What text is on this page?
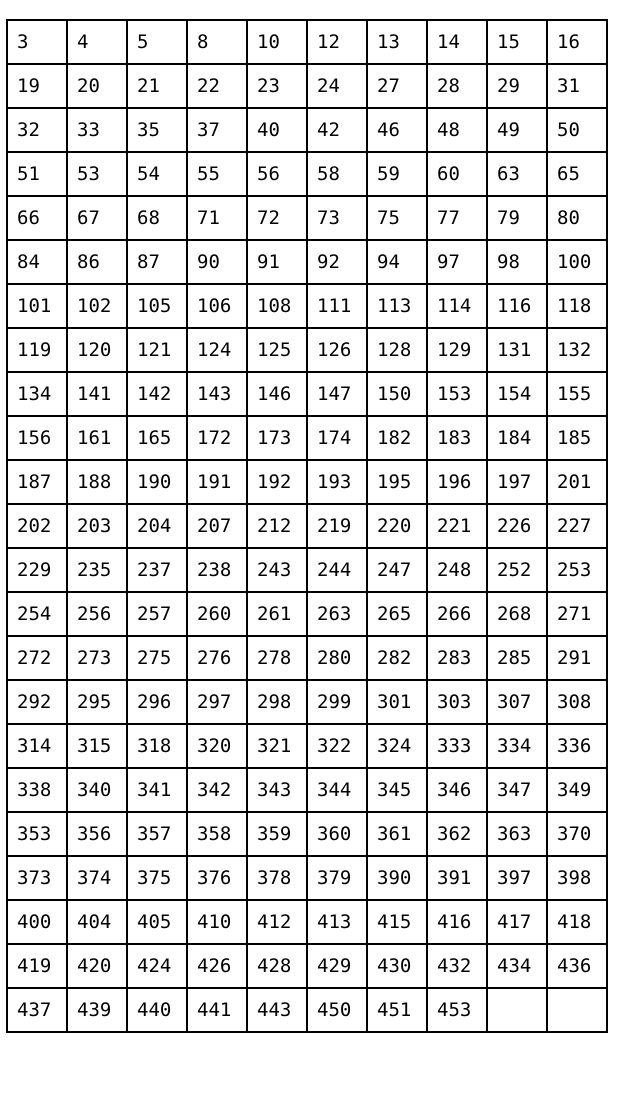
3	4	5	8	10	12	13	14	15	16
19	20	21	22	23	24	27	28	29	31
32	33	35	37	40	42	46	48	49	50
51	53	54	55	56	58	59	60	63	65
66	67	68	71	72	73	75	77	79	80
84	86	87	90	91	92	94	97	98	100
101	102	105	106	108	111	113	114	116	118
119	120	121	124	125	126	128	129	131	132
134	141	142	143	146	147	150	153	154	155
156	161	165	172	173	174	182	183	184	185
187	188	190	191	192	193	195	196	197	201
202	203	204	207	212	219	220	221	226	227
229	235	237	238	243	244	247	248	252	253
254	256	257	260	261	263	265	266	268	271
272	273	275	276	278	280	282	283	285	291
292	295	296	297	298	299	301	303	307	308
314	315	318	320	321	322	324	333	334	336
338	340	341	342	343	344	345	346	347	349
353	356	357	358	359	360	361	362	363	370
373	374	375	376	378	379	390	391	397	398
400	404	405	410	412	413	415	416	417	418
419	420	424	426	428	429	430	432	434	436
437	439	440	441	443	450	451	453		
